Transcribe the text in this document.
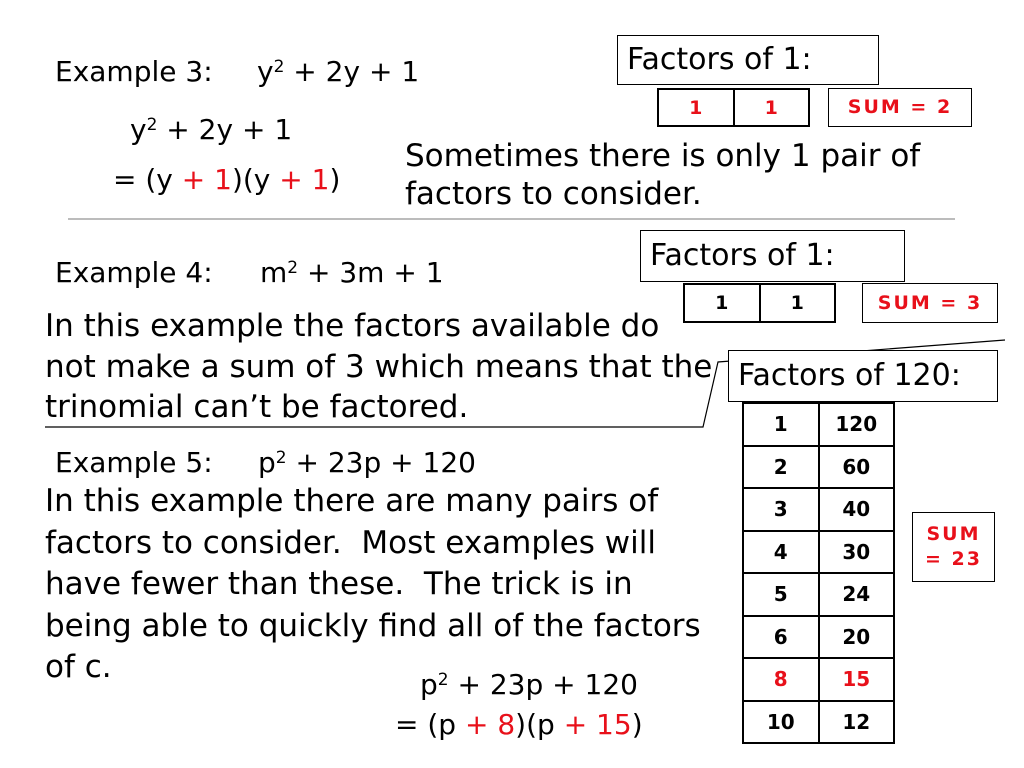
Example 3: $y^2 + 2y + 1$
$y^2 + 2y + 1$
= (y + 1)(y + 1)
Sometimes there is only 1 pair of
factors to consider.
Factors of 1:
1	1	SUM = 2
Example 4: $m^2 + 3m + 1$
In this example the factors available do
not make a sum of 3 which means that the
trinomial can’t be factored.
Factors of 1:
1	1	SUM = 3
Factors of 120:
1	120
2	60
3	40
4	30
5	24
6	20
8	15
10	12
SUM
= 23
Example 5: $p^2 + 23p + 120$
In this example there are many pairs of
factors to consider.  Most examples will
have fewer than these.  The trick is in
being able to quickly find all of the factors
of c.	$p^2 + 23p + 120$
= (p + 8)(p + 15)
